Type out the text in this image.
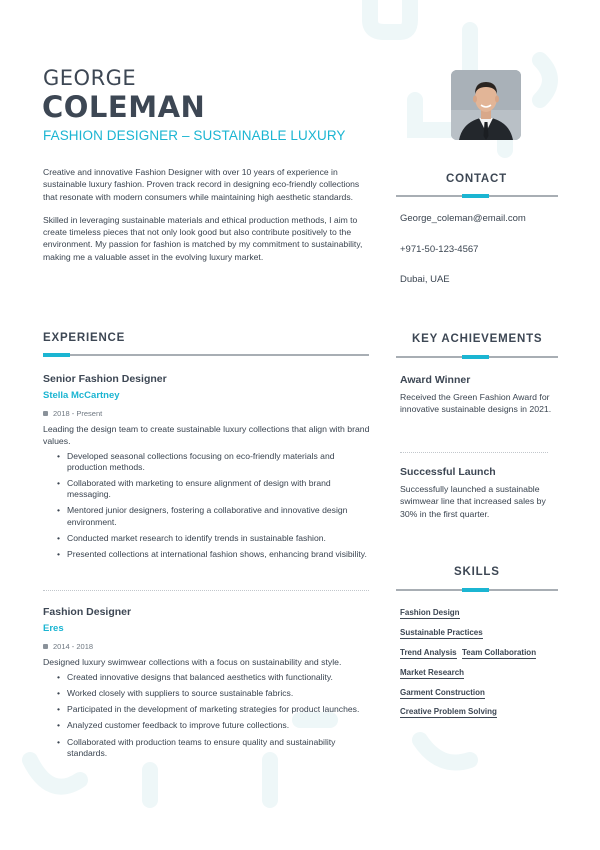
GEORGE
COLEMAN
FASHION DESIGNER – SUSTAINABLE LUXURY

Creative and innovative Fashion Designer with over 10 years of experience in sustainable luxury fashion. Proven track record in designing eco-friendly collections that resonate with modern consumers while maintaining high aesthetic standards.

Skilled in leveraging sustainable materials and ethical production methods, I aim to create timeless pieces that not only look good but also contribute positively to the environment. My passion for fashion is matched by my commitment to sustainability, making me a valuable asset in the evolving luxury market.

CONTACT
George_coleman@email.com
+971-50-123-4567
Dubai, UAE
EXPERIENCE
Senior Fashion Designer
Stella McCartney
2018 - Present
Leading the design team to create sustainable luxury collections that align with brand values.
• Developed seasonal collections focusing on eco-friendly materials and production methods.
• Collaborated with marketing to ensure alignment of design with brand messaging.
• Mentored junior designers, fostering a collaborative and innovative design environment.
• Conducted market research to identify trends in sustainable fashion.
• Presented collections at international fashion shows, enhancing brand visibility.
Fashion Designer
Eres
2014 - 2018
Designed luxury swimwear collections with a focus on sustainability and style.
• Created innovative designs that balanced aesthetics with functionality.
• Worked closely with suppliers to source sustainable fabrics.
• Participated in the development of marketing strategies for product launches.
• Analyzed customer feedback to improve future collections.
• Collaborated with production teams to ensure quality and sustainability standards.
KEY ACHIEVEMENTS
Award Winner
Received the Green Fashion Award for innovative sustainable designs in 2021.
Successful Launch
Successfully launched a sustainable swimwear line that increased sales by 30% in the first quarter.
SKILLS
Fashion Design
Sustainable Practices
Trend Analysis Team Collaboration
Market Research
Garment Construction
Creative Problem Solving
